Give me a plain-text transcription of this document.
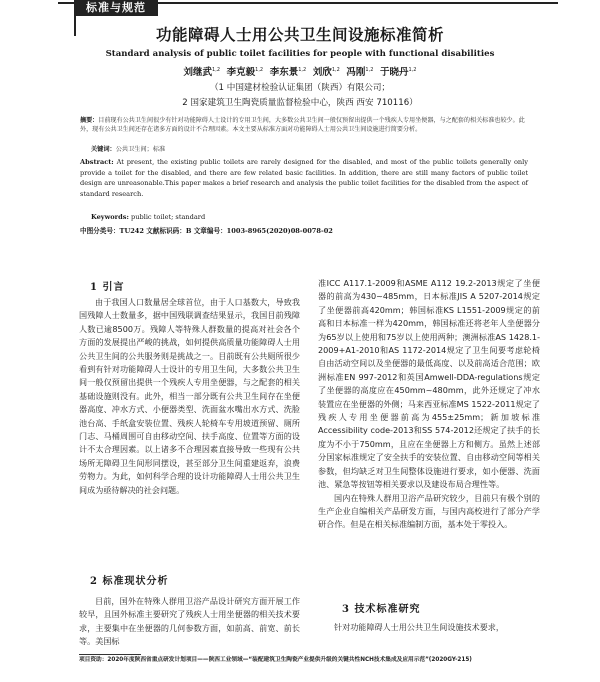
标准与规范
功能障碍人士用公共卫生间设施标准简析
Standard analysis of public toilet facilities for people with functional disabilities
刘继武$^{1,2}$ 李克毅$^{1,2}$ 李东景$^{1,2}$ 刘欣$^{1,2}$ 冯刚$^{1,2}$ 于晓丹$^{1,2}$
（1 中国建材检验认证集团（陕西）有限公司；
2 国家建筑卫生陶瓷质量监督检验中心，陕西 西安 710116）
摘要：目前现有公共卫生间很少有针对功能障碍人士设计的专用卫生间，大多数公共卫生间一般仅预留出提供一个残疾人专用坐便器，与之配套的相关标准也较少。此外，现有公共卫生间还存在诸多方面的设计不合理因素。本文主要从标准方面对功能障碍人士用公共卫生间设施进行简要分析。
关键词：公共卫生间；标准
Abstract: At present, the existing public toilets are rarely designed for the disabled, and most of the public toilets generally only provide a toilet for the disabled, and there are few related basic facilities. In addition, there are still many factors of public toilet design are unreasonable.This paper makes a brief research and analysis the public toilet facilities for the disabled from the aspect of standard research.
Keywords: public toilet; standard
中图分类号：TU242 文献标识码：B 文章编号：1003-8965(2020)08-0078-02
1 引言

由于我国人口数量居全球首位，由于人口基数大，导致我国残障人士数量多，据中国残联调查结果显示，我国目前残障人数已逾8500万。残障人等特殊人群数量的提高对社会各个方面的发展提出严峻的挑战，如何提供高质量功能障碍人士用公共卫生间的公共服务则是挑战之一。目前既有公共厕所很少看到有针对功能障碍人士设计的专用卫生间，大多数公共卫生间一般仅预留出提供一个残疾人专用坐便器，与之配套的相关基础设施则没有。此外，相当一部分既有公共卫生间存在坐便器高度、冲水方式、小便器类型、洗面盆水嘴出水方式、洗脸池台高、手纸盒安装位置、残疾人轮椅车专用坡道预留、厕所门志、马桶周围可自由移动空间、扶手高度、位置等方面的设计不太合理因素。以上诸多不合理因素直接导致一些现有公共场所无障碍卫生间形同摆设，甚至部分卫生间重建返弃，浪费劳物力。为此，如何科学合理的设计功能障碍人士用公共卫生间成为亟待解决的社会问题。

2 标准现状分析

目前，国外在特殊人群用卫浴产品设计研究方面开展工作较早，且国外标准主要研究了残疾人士用坐便器的相关技术要求，主要集中在坐便器的几何参数方面，如前高、前宽、前长等。美国标

准ICC A117.1-2009和ASME A112 19.2-2013规定了坐便器的前高为430~485mm，日本标准JIS A 5207-2014规定了坐便器前高420mm；韩国标准KS L1551-2009规定的前高和日本标准一样为420mm，韩国标准还将老年人坐便器分为65岁以上使用和75岁以上使用两种；澳洲标准AS 1428.1-2009+A1-2010和AS 1172-2014规定了卫生间要考虑轮椅自由活动空间以及坐便器的最低高度、以及前高适合范围；欧洲标准EN 997-2012和英国Amwell-DDA-regulations规定了坐便器的高度应在450mm~480mm，此外还规定了冲水装置应在坐便器的外侧；马来西亚标准MS 1522-2011规定了残疾人专用坐便器前高为455±25mm；新加坡标准Accessibility code-2013和SS 574-2012还规定了扶手的长度为不小于750mm，且应在坐便器上方和侧方。虽然上述部分国家标准规定了安全扶手的安装位置、自由移动空间等相关参数，但均缺乏对卫生间整体设施进行要求，如小便器、洗面池、紧急等按钮等相关要求以及建设布局合理性等。

国内在特殊人群用卫浴产品研究较少，目前只有极个别的生产企业自编相关产品研发方面，与国内高校进行了部分产学研合作。但是在相关标准编制方面，基本处于零投入。

3 技术标准研究

针对功能障碍人士用公共卫生间设施技术要求，

项目资助：2020年度陕西省重点研发计划项目——陕西工业领域—“装配建筑卫生陶瓷产业提供升级的关键共性NCH技术集成及应用示范”(2020GY-215)
